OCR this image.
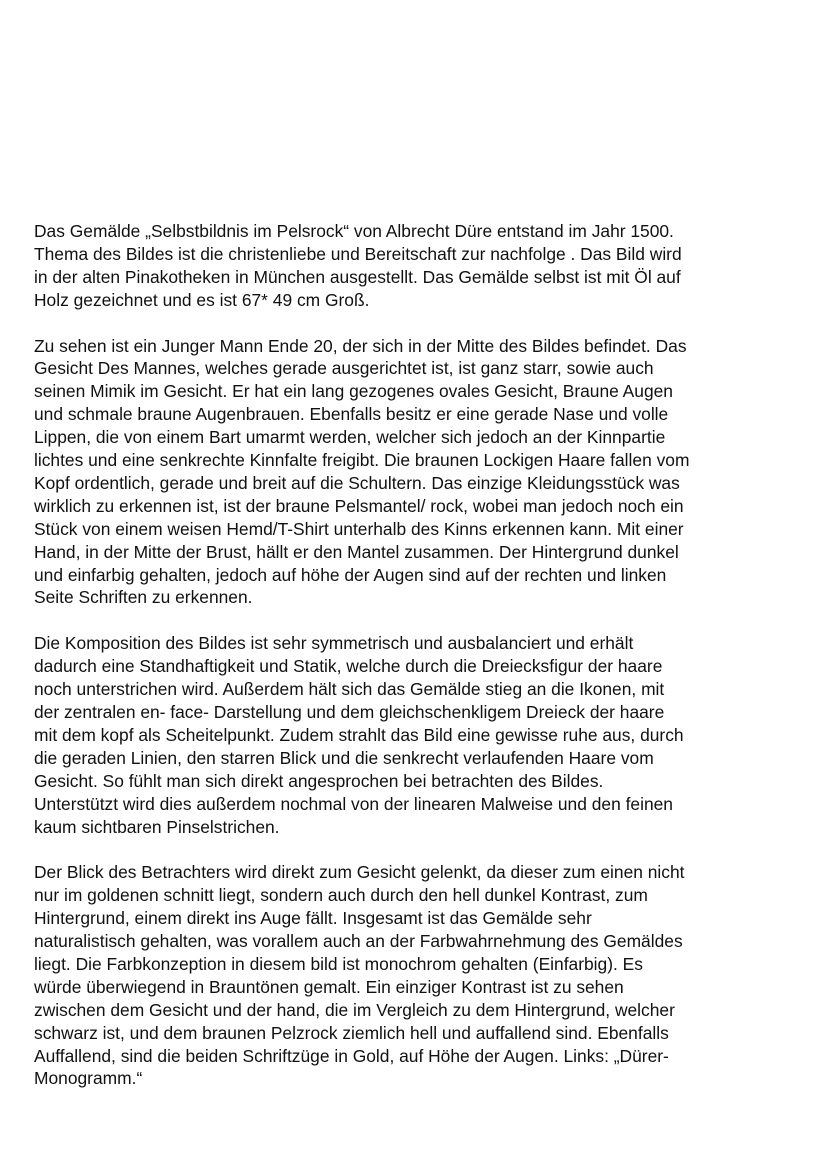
Das Gemälde „Selbstbildnis im Pelsrock“ von Albrecht Düre entstand im Jahr 1500.
Thema des Bildes ist die christenliebe und Bereitschaft zur nachfolge . Das Bild wird
in der alten Pinakotheken in München ausgestellt. Das Gemälde selbst ist mit Öl auf
Holz gezeichnet und es ist 67* 49 cm Groß.

Zu sehen ist ein Junger Mann Ende 20, der sich in der Mitte des Bildes befindet. Das
Gesicht Des Mannes, welches gerade ausgerichtet ist, ist ganz starr, sowie auch
seinen Mimik im Gesicht. Er hat ein lang gezogenes ovales Gesicht, Braune Augen
und schmale braune Augenbrauen. Ebenfalls besitz er eine gerade Nase und volle
Lippen, die von einem Bart umarmt werden, welcher sich jedoch an der Kinnpartie
lichtes und eine senkrechte Kinnfalte freigibt. Die braunen Lockigen Haare fallen vom
Kopf ordentlich, gerade und breit auf die Schultern. Das einzige Kleidungsstück was
wirklich zu erkennen ist, ist der braune Pelsmantel/ rock, wobei man jedoch noch ein
Stück von einem weisen Hemd/T-Shirt unterhalb des Kinns erkennen kann. Mit einer
Hand, in der Mitte der Brust, hällt er den Mantel zusammen. Der Hintergrund dunkel
und einfarbig gehalten, jedoch auf höhe der Augen sind auf der rechten und linken
Seite Schriften zu erkennen.

Die Komposition des Bildes ist sehr symmetrisch und ausbalanciert und erhält
dadurch eine Standhaftigkeit und Statik, welche durch die Dreiecksfigur der haare
noch unterstrichen wird. Außerdem hält sich das Gemälde stieg an die Ikonen, mit
der zentralen en- face- Darstellung und dem gleichschenkligem Dreieck der haare
mit dem kopf als Scheitelpunkt. Zudem strahlt das Bild eine gewisse ruhe aus, durch
die geraden Linien, den starren Blick und die senkrecht verlaufenden Haare vom
Gesicht. So fühlt man sich direkt angesprochen bei betrachten des Bildes.
Unterstützt wird dies außerdem nochmal von der linearen Malweise und den feinen
kaum sichtbaren Pinselstrichen.

Der Blick des Betrachters wird direkt zum Gesicht gelenkt, da dieser zum einen nicht
nur im goldenen schnitt liegt, sondern auch durch den hell dunkel Kontrast, zum
Hintergrund, einem direkt ins Auge fällt. Insgesamt ist das Gemälde sehr
naturalistisch gehalten, was vorallem auch an der Farbwahrnehmung des Gemäldes
liegt. Die Farbkonzeption in diesem bild ist monochrom gehalten (Einfarbig). Es
würde überwiegend in Brauntönen gemalt. Ein einziger Kontrast ist zu sehen
zwischen dem Gesicht und der hand, die im Vergleich zu dem Hintergrund, welcher
schwarz ist, und dem braunen Pelzrock ziemlich hell und auffallend sind. Ebenfalls
Auffallend, sind die beiden Schriftzüge in Gold, auf Höhe der Augen. Links: „Dürer-
Monogramm.“
